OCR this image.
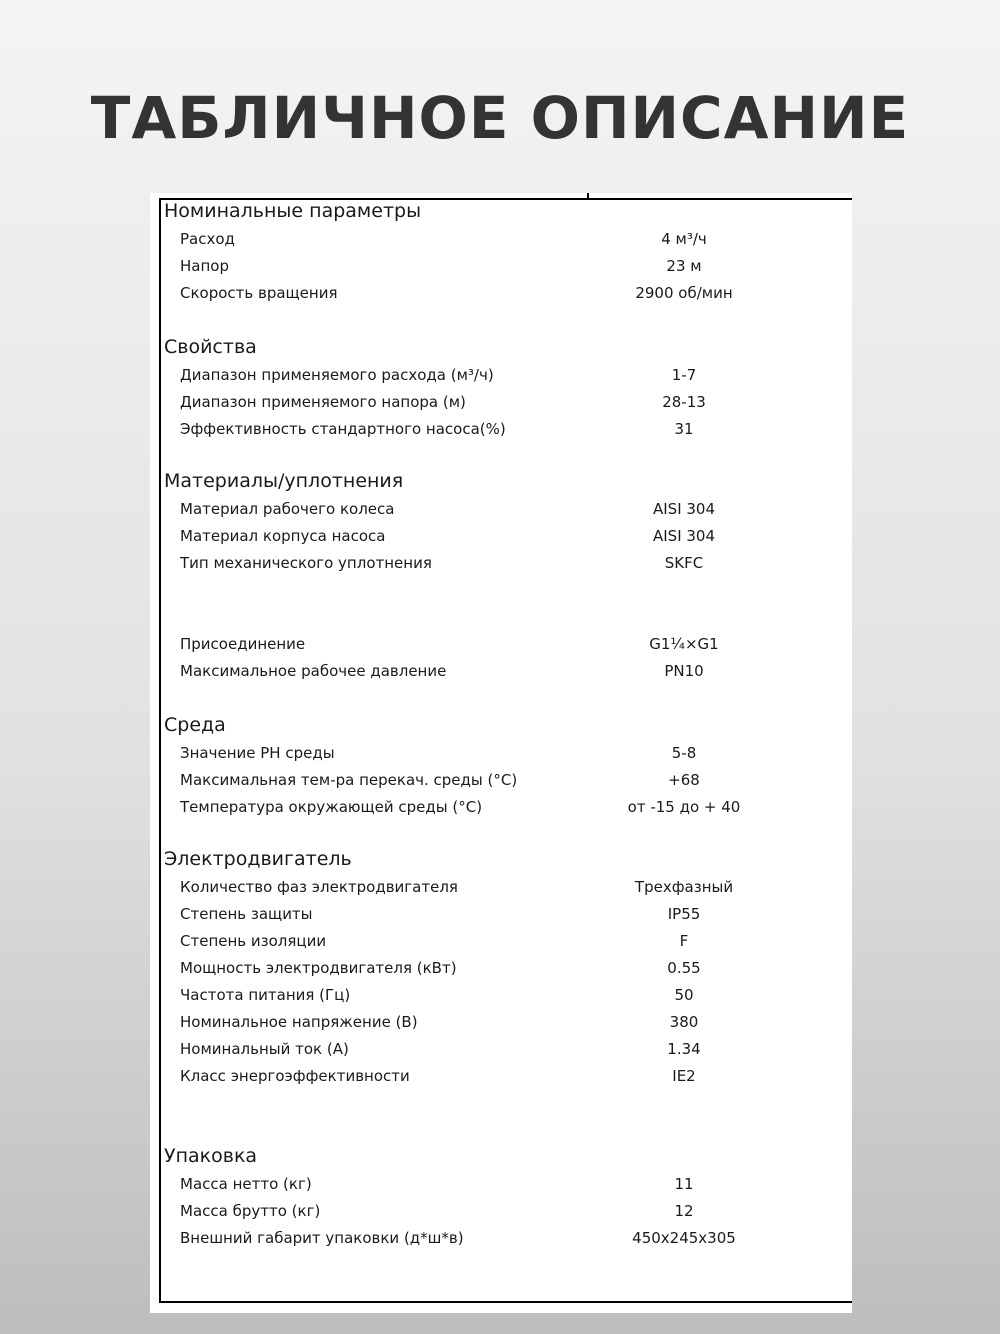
ТАБЛИЧНОЕ ОПИСАНИЕ
Номинальные параметры
Расход	4 м³/ч
Напор	23 м
Скорость вращения	2900 об/мин
Свойства
Диапазон применяемого расхода (м³/ч)	1-7
Диапазон применяемого напора (м)	28-13
Эффективность стандартного насоса(%)	31
Материалы/уплотнения
Материал рабочего колеса	AISI 304
Материал корпуса насоса	AISI 304
Тип механического уплотнения	SKFC
Присоединение	G1¼×G1
Максимальное рабочее давление	PN10
Среда
Значение PH среды	5-8
Максимальная тем-ра перекач. среды (°C)	+68
Температура окружающей среды (°C)	от -15 до + 40
Электродвигатель
Количество фаз электродвигателя	Трехфазный
Степень защиты	IP55
Степень изоляции	F
Мощность электродвигателя (кВт)	0.55
Частота питания (Гц)	50
Номинальное напряжение (В)	380
Номинальный ток (А)	1.34
Класс энергоэффективности	IE2
Упаковка
Масса нетто (кг)	11
Масса брутто (кг)	12
Внешний габарит упаковки (д*ш*в)	450x245x305
